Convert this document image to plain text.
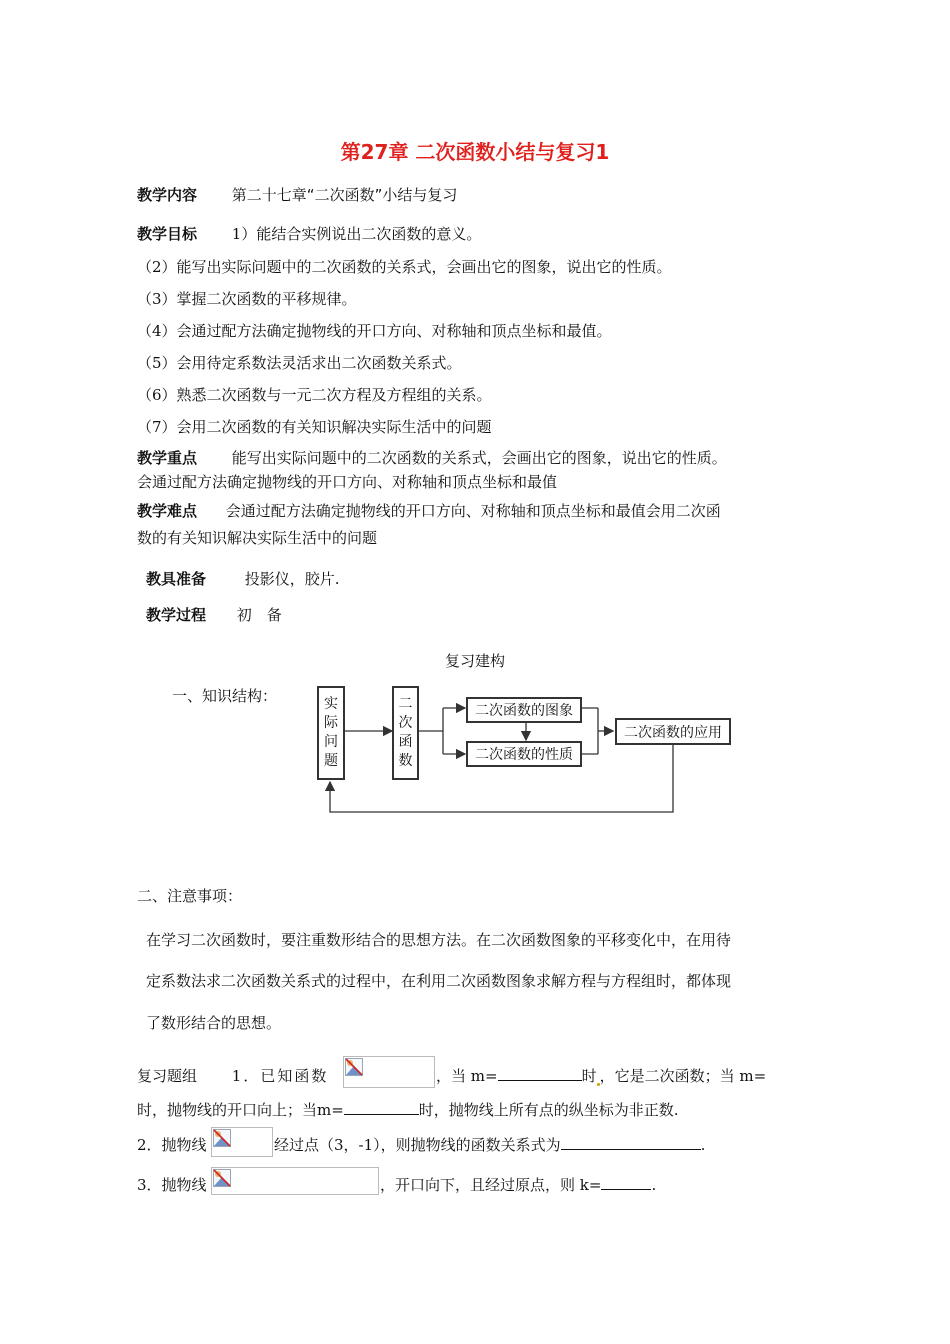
第27章 二次函数小结与复习1
教学内容 第二十七章“二次函数”小结与复习
教学目标 1）能结合实例说出二次函数的意义。
（2）能写出实际问题中的二次函数的关系式，会画出它的图象，说出它的性质。
（3）掌握二次函数的平移规律。
（4）会通过配方法确定抛物线的开口方向、对称轴和顶点坐标和最值。
（5）会用待定系数法灵活求出二次函数关系式。
（6）熟悉二次函数与一元二次方程及方程组的关系。
（7）会用二次函数的有关知识解决实际生活中的问题
教学重点 能写出实际问题中的二次函数的关系式，会画出它的图象，说出它的性质。
会通过配方法确定抛物线的开口方向、对称轴和顶点坐标和最值
教学难点 会通过配方法确定抛物线的开口方向、对称轴和顶点坐标和最值会用二次函
数的有关知识解决实际生活中的问题
教具准备	投影仪，胶片.
教学过程 初　备
复习建构
一、知识结构：	实
际
问
题
二
次
函
数
二次函数的图象
二次函数的性质
二次函数的应用
二、注意事项：
在学习二次函数时，要注重数形结合的思想方法。在二次函数图象的平移变化中，在用待
定系数法求二次函数关系式的过程中，在利用二次函数图象求解方程与方程组时，都体现
了数形结合的思想。
复习题组 1．已知函数	，当 m=	时 ，它是二次函数；当 m=
时，抛物线的开口向上；当m=	时，抛物线上所有点的纵坐标为非正数.
2．抛物线	经过点（3，-1），则抛物线的函数关系式为	.
3．抛物线	，开口向下，且经过原点，则 k=	.
